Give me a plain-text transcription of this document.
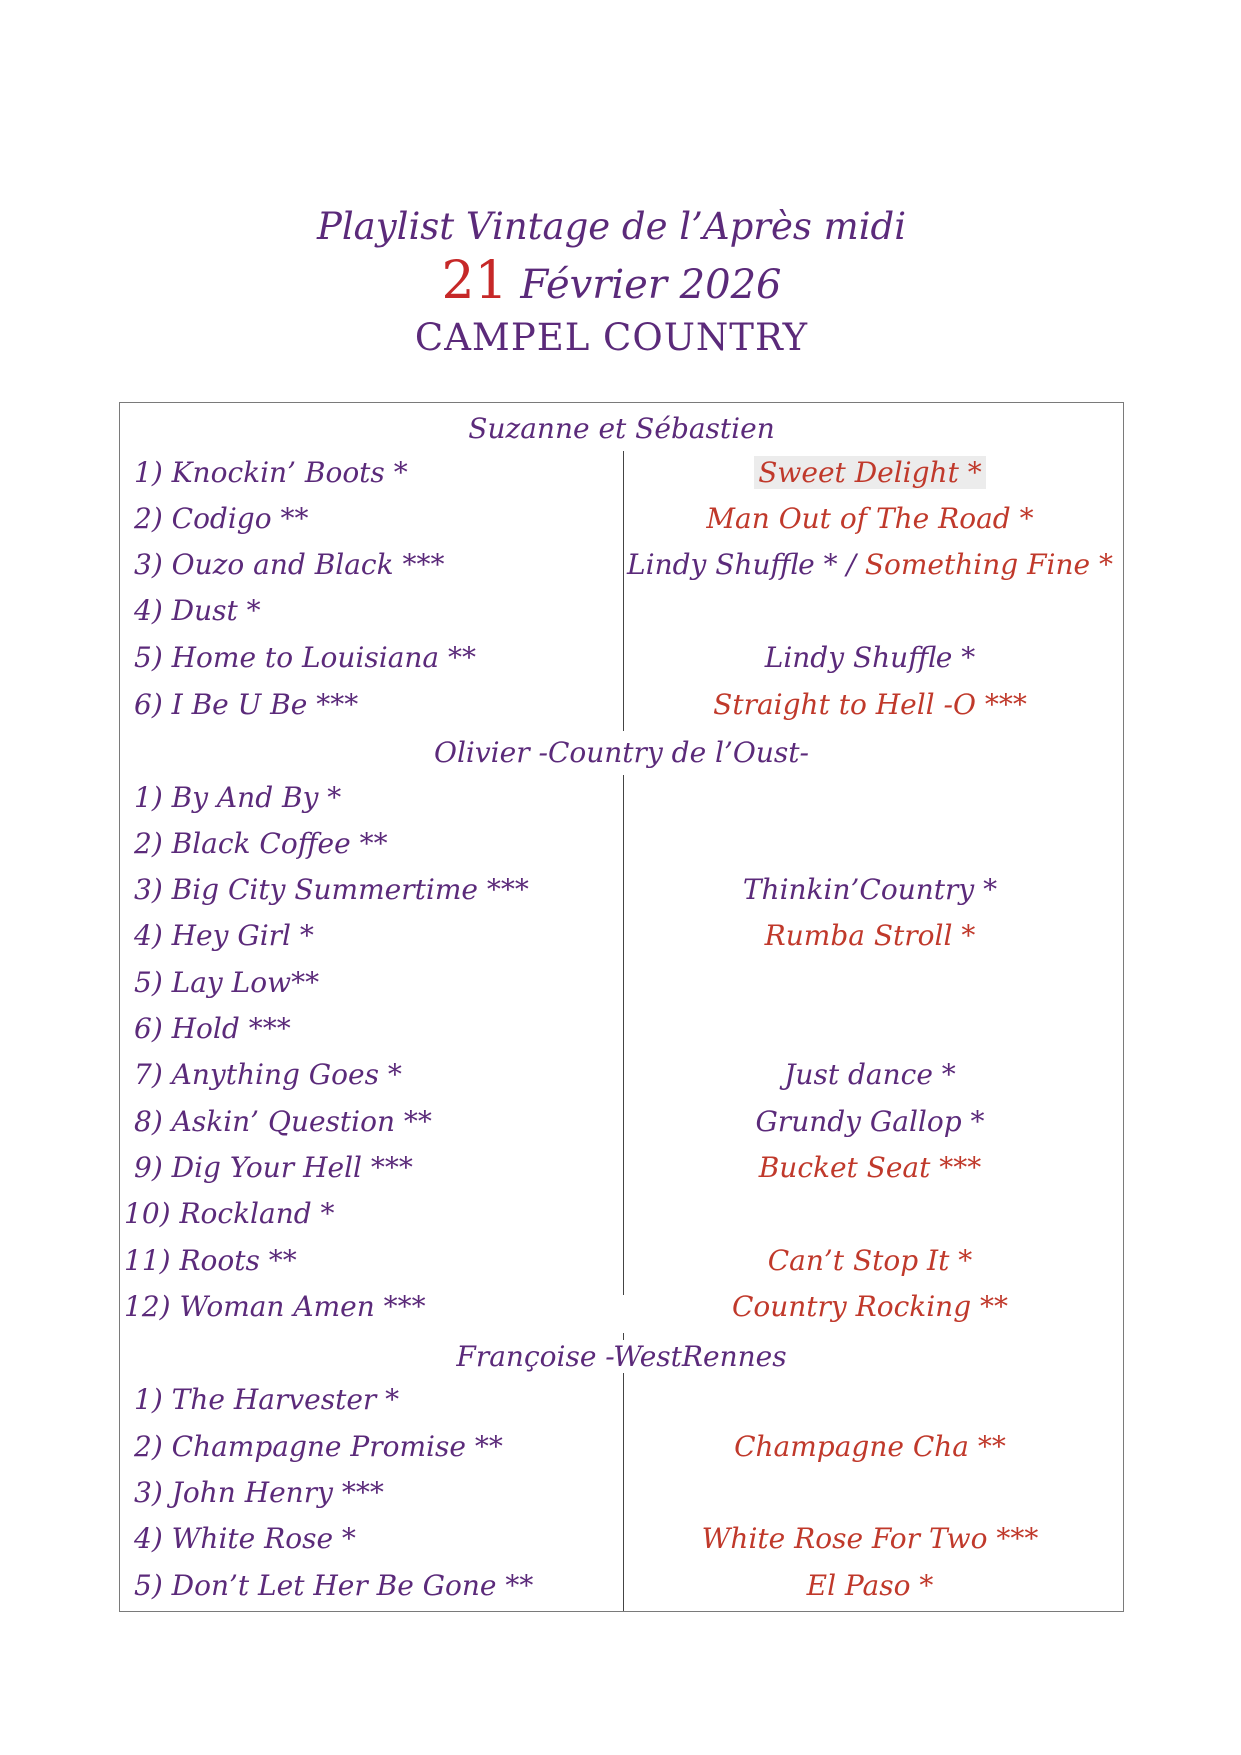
Playlist Vintage de l’Après midi
21 Février 2026
CAMPEL COUNTRY
Suzanne et Sébastien
1) Knockin’ Boots *
2) Codigo **
3) Ouzo and Black ***
4) Dust *
5) Home to Louisiana **
6) I Be U Be ***
Sweet Delight *
Man Out of The Road *
Lindy Shuffle * / Something Fine *
Lindy Shuffle *
Straight to Hell -O ***
Olivier -Country de l’Oust-
1) By And By *
2) Black Coffee **
3) Big City Summertime ***
4) Hey Girl *
5) Lay Low**
6) Hold ***
7) Anything Goes *
8) Askin’ Question **
9) Dig Your Hell ***
10) Rockland *
11) Roots **
12) Woman Amen ***
Thinkin’Country *
Rumba Stroll *
Just dance *
Grundy Gallop *
Bucket Seat ***
Can’t Stop It *
Country Rocking **
Françoise -WestRennes
1) The Harvester *
2) Champagne Promise **
3) John Henry ***
4) White Rose *
5) Don’t Let Her Be Gone **
Champagne Cha **
White Rose For Two ***
El Paso *
